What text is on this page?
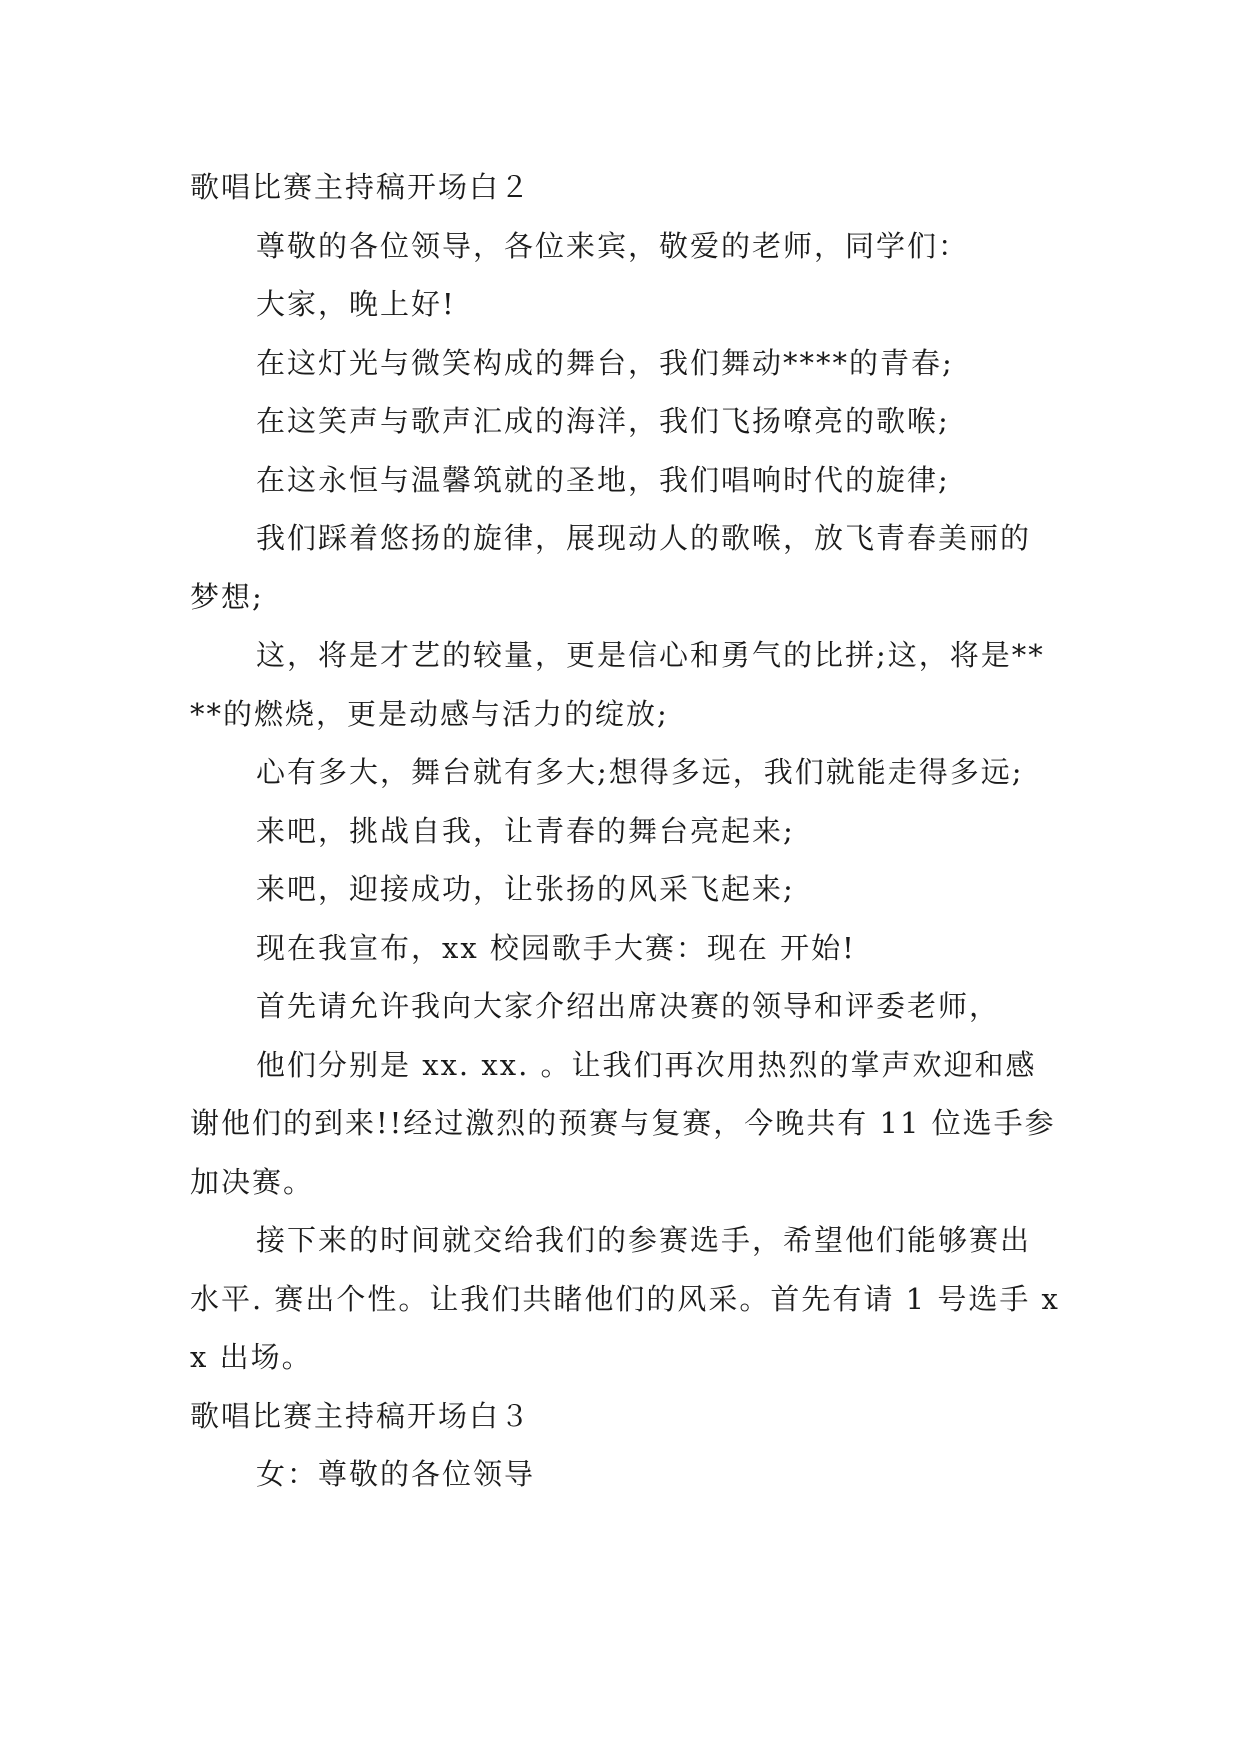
歌唱比赛主持稿开场白２

尊敬的各位领导，各位来宾，敬爱的老师，同学们：

大家，晚上好!

在这灯光与微笑构成的舞台，我们舞动****的青春;

在这笑声与歌声汇成的海洋，我们飞扬嘹亮的歌喉;

在这永恒与温馨筑就的圣地，我们唱响时代的旋律;

我们踩着悠扬的旋律，展现动人的歌喉，放飞青春美丽的梦想;

这，将是才艺的较量，更是信心和勇气的比拼;这，将是****的燃烧，更是动感与活力的绽放;

心有多大，舞台就有多大;想得多远，我们就能走得多远;

来吧，挑战自我，让青春的舞台亮起来;

来吧，迎接成功，让张扬的风采飞起来;

现在我宣布，xx 校园歌手大赛：现在 开始!

首先请允许我向大家介绍出席决赛的领导和评委老师，

他们分别是 xx. xx. 。让我们再次用热烈的掌声欢迎和感谢他们的到来!!经过激烈的预赛与复赛，今晚共有 11 位选手参加决赛。

接下来的时间就交给我们的参赛选手，希望他们能够赛出水平. 赛出个性。让我们共睹他们的风采。首先有请 1 号选手 xx 出场。

歌唱比赛主持稿开场白３

女：尊敬的各位领导
